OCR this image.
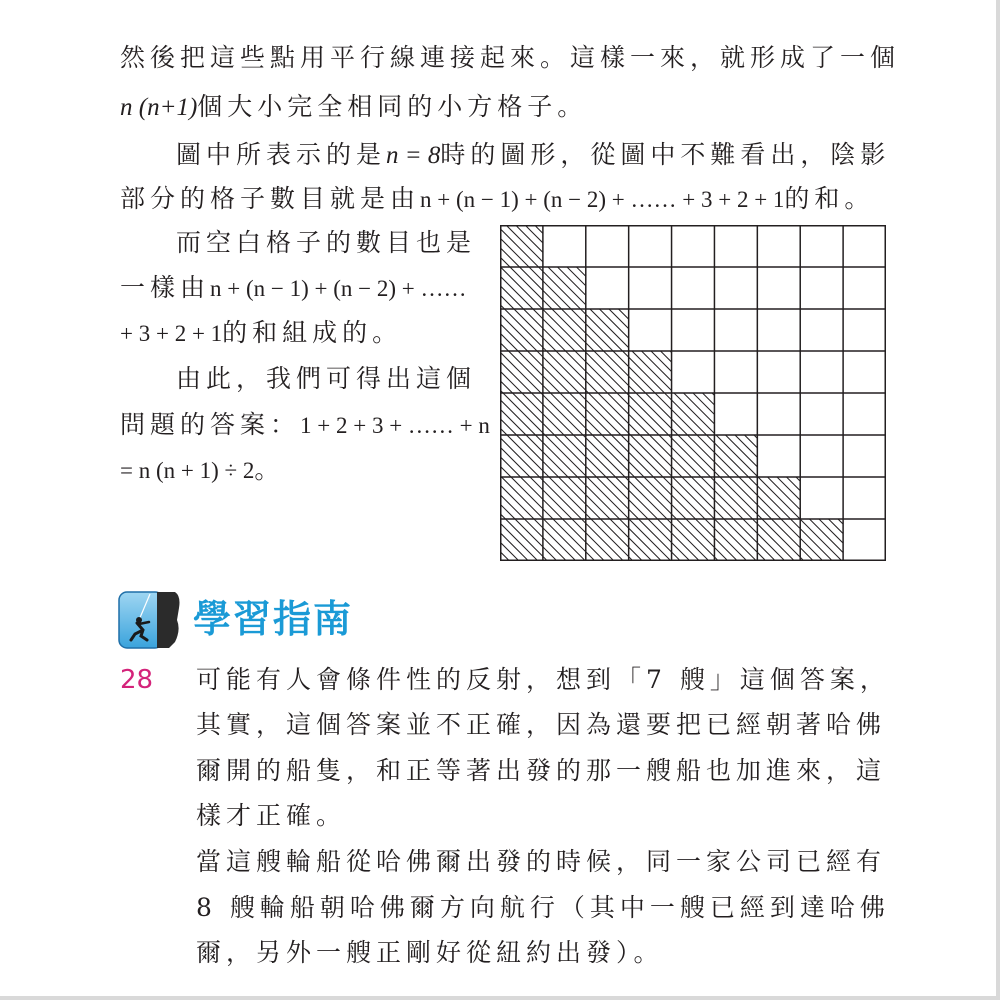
然後把這些點用平行線連接起來。這樣一來，就形成了一個
n (n+1)個大小完全相同的小方格子。
圖中所表示的是n = 8時的圖形，從圖中不難看出，陰影
部分的格子數目就是由n + (n − 1) + (n − 2) + …… + 3 + 2 + 1的和。
而空白格子的數目也是
一樣由n + (n − 1) + (n − 2) + ……
+ 3 + 2 + 1的和組成的。
由此，我們可得出這個
問題的答案：1 + 2 + 3 + …… + n
= n (n + 1) ÷ 2。
學習指南
28 可能有人會條件性的反射，想到「7 艘」這個答案，
其實，這個答案並不正確，因為還要把已經朝著哈佛
爾開的船隻，和正等著出發的那一艘船也加進來，這
樣才正確。
當這艘輪船從哈佛爾出發的時候，同一家公司已經有
8 艘輪船朝哈佛爾方向航行（其中一艘已經到達哈佛
爾，另外一艘正剛好從紐約出發）。
